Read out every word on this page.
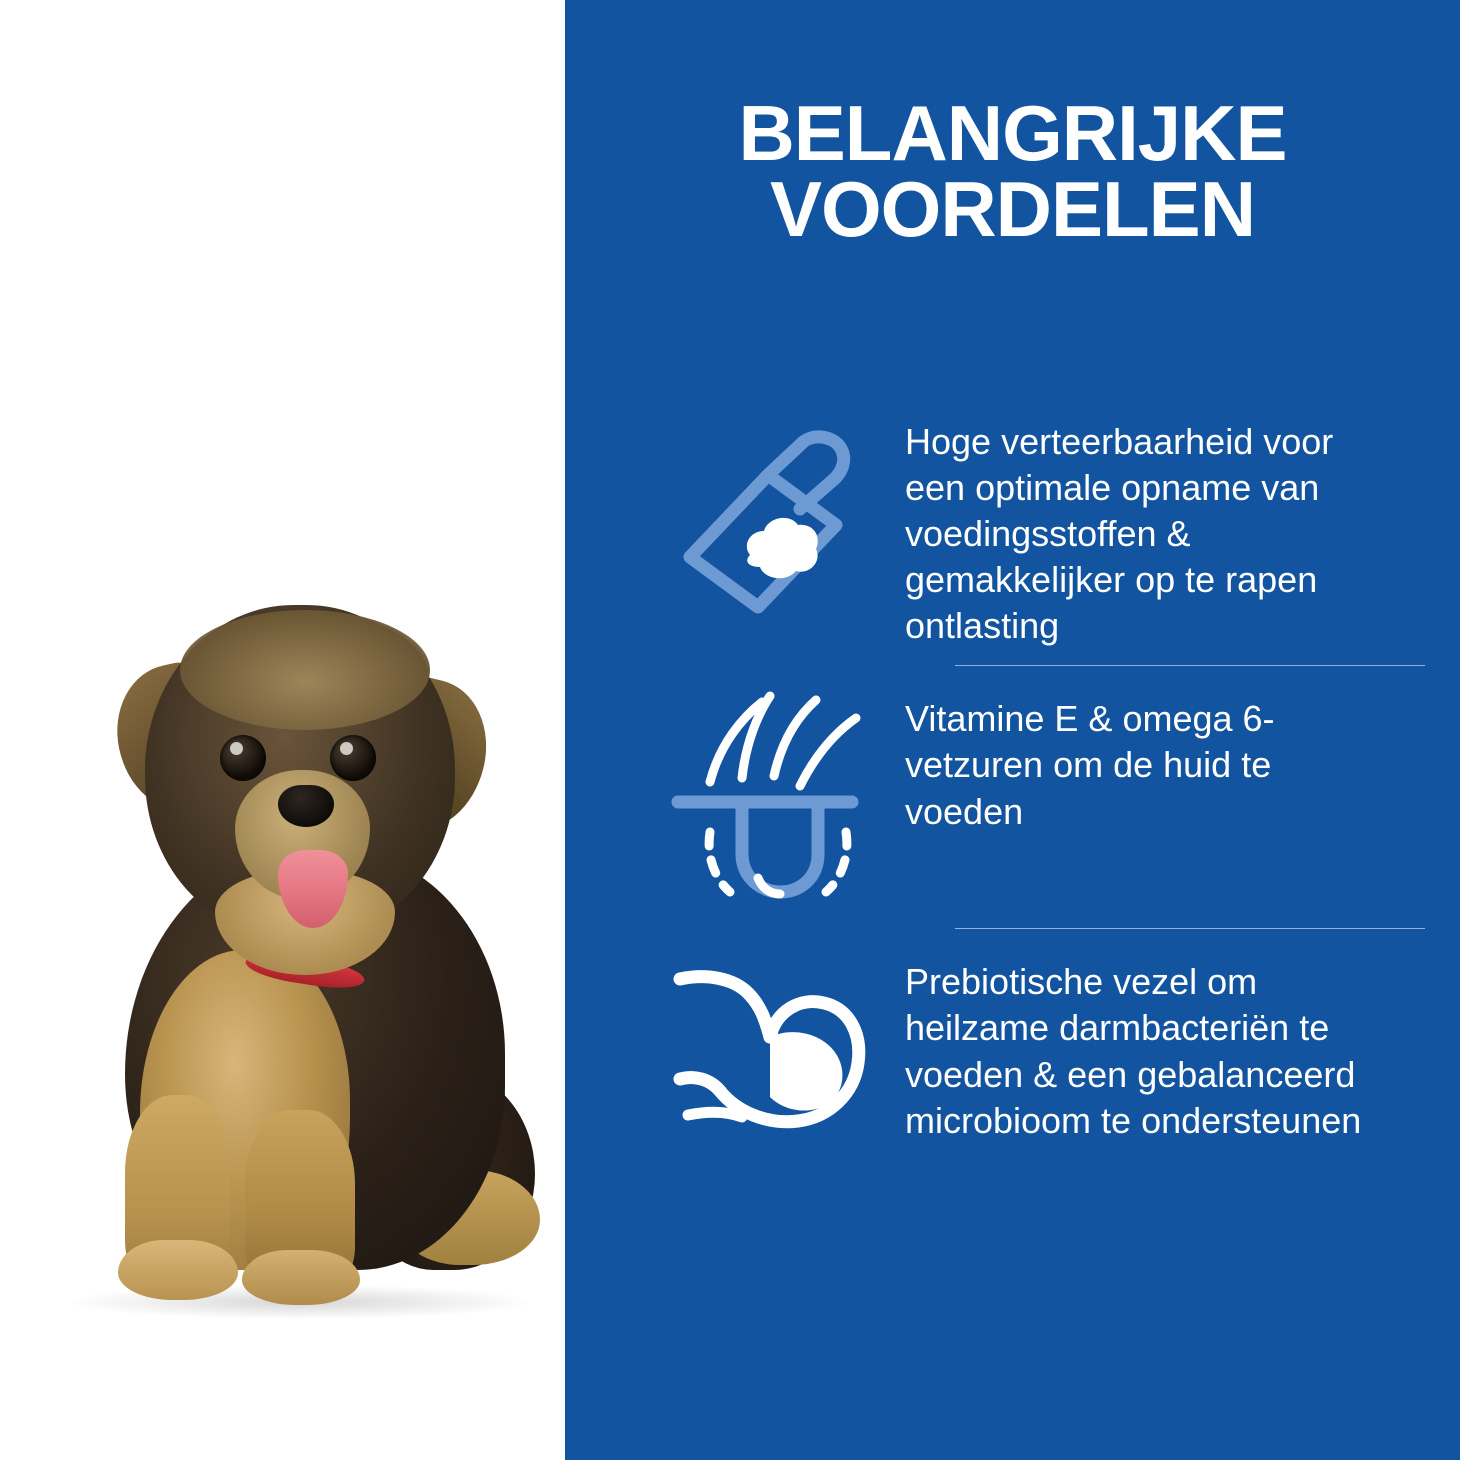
BELANGRIJKE
VOORDELEN
Hoge verteerbaarheid voor een optimale opname van voedingsstoffen & gemakkelijker op te rapen ontlasting
Vitamine E & omega 6-vetzuren om de huid te voeden
Prebiotische vezel om heilzame darmbacteriën te voeden & een gebalanceerd microbioom te ondersteunen
